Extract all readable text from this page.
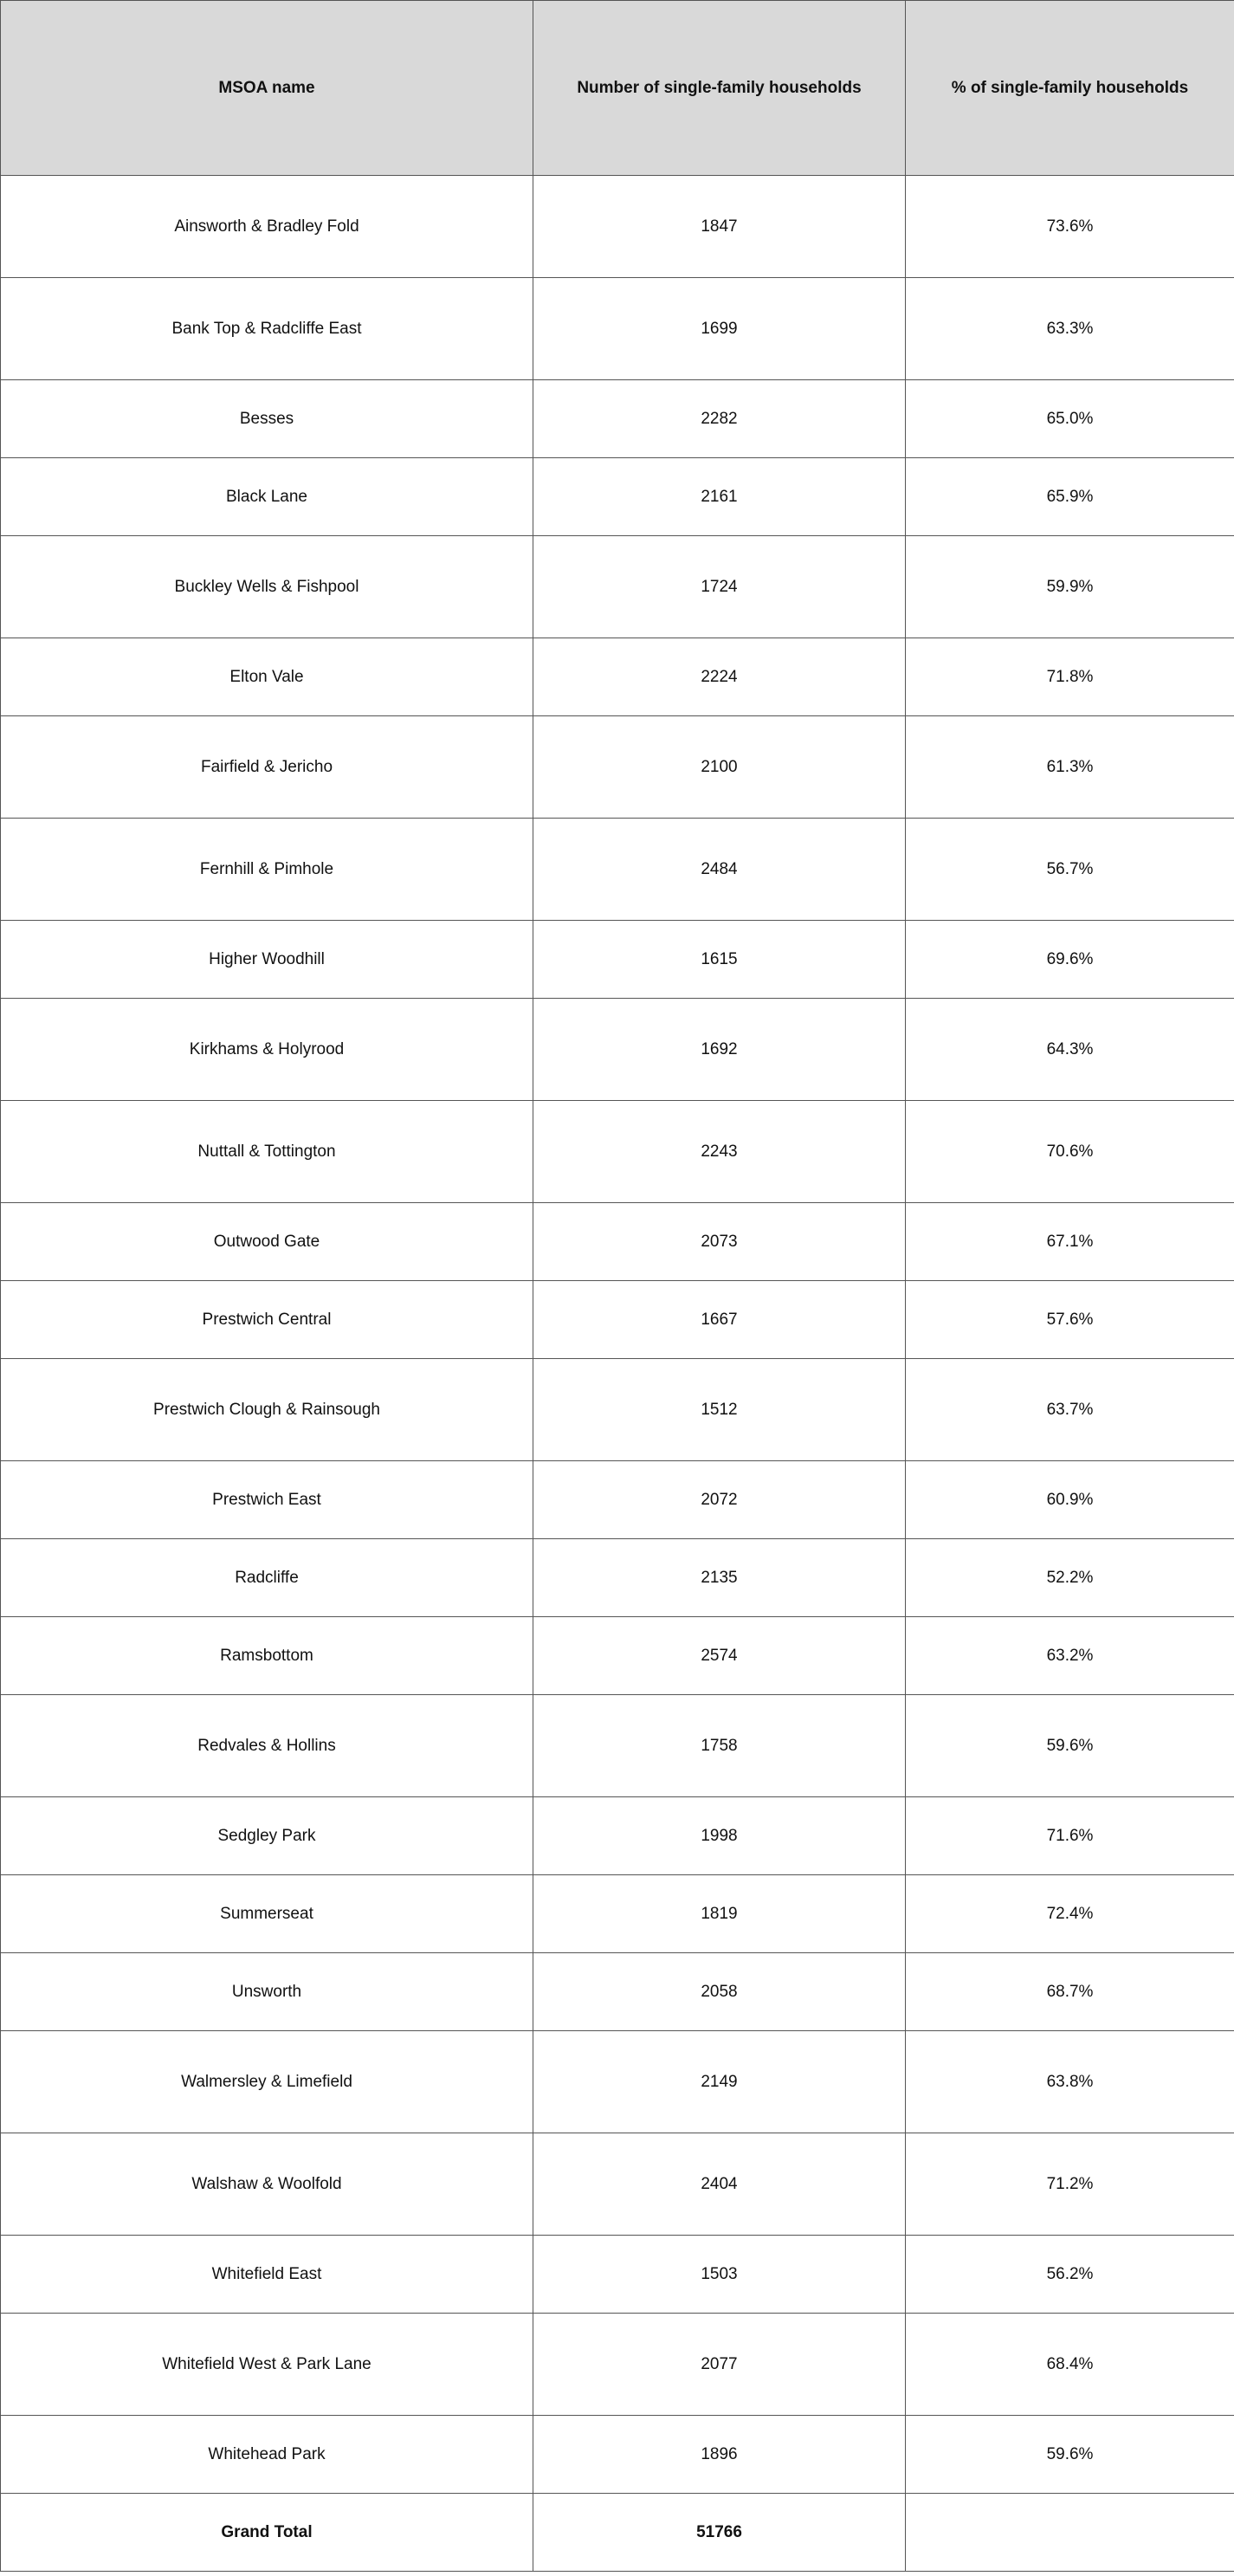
MSOA name	Number of single-family households	% of single-family households
Ainsworth & Bradley Fold	1847	73.6%
Bank Top & Radcliffe East	1699	63.3%
Besses	2282	65.0%
Black Lane	2161	65.9%
Buckley Wells & Fishpool	1724	59.9%
Elton Vale	2224	71.8%
Fairfield & Jericho	2100	61.3%
Fernhill & Pimhole	2484	56.7%
Higher Woodhill	1615	69.6%
Kirkhams & Holyrood	1692	64.3%
Nuttall & Tottington	2243	70.6%
Outwood Gate	2073	67.1%
Prestwich Central	1667	57.6%
Prestwich Clough & Rainsough	1512	63.7%
Prestwich East	2072	60.9%
Radcliffe	2135	52.2%
Ramsbottom	2574	63.2%
Redvales & Hollins	1758	59.6%
Sedgley Park	1998	71.6%
Summerseat	1819	72.4%
Unsworth	2058	68.7%
Walmersley & Limefield	2149	63.8%
Walshaw & Woolfold	2404	71.2%
Whitefield East	1503	56.2%
Whitefield West & Park Lane	2077	68.4%
Whitehead Park	1896	59.6%
Grand Total	51766	
